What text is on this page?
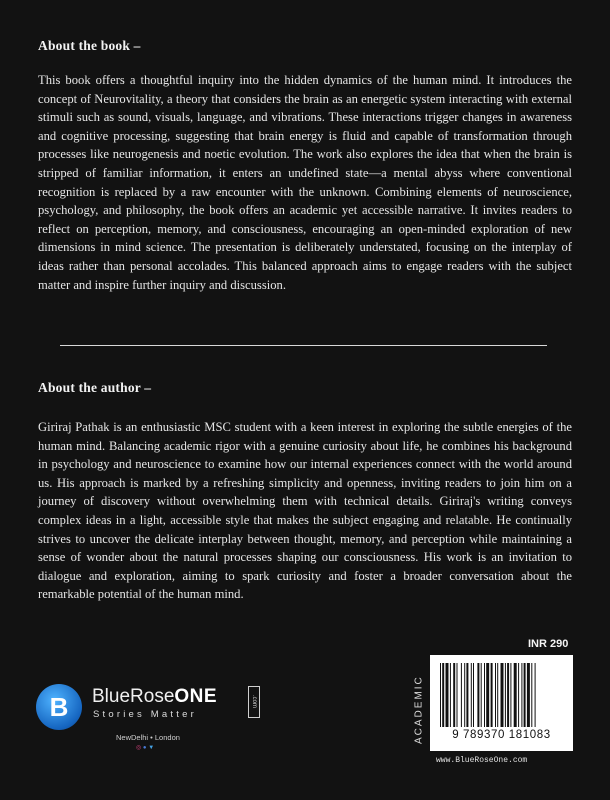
About the book –

This book offers a thoughtful inquiry into the hidden dynamics of the human mind. It introduces the concept of Neurovitality, a theory that considers the brain as an energetic system interacting with external stimuli such as sound, visuals, language, and vibrations. These interactions trigger changes in awareness and cognitive processing, suggesting that brain energy is fluid and capable of transformation through processes like neurogenesis and noetic evolution. The work also explores the idea that when the brain is stripped of familiar information, it enters an undefined state—a mental abyss where conventional recognition is replaced by a raw encounter with the unknown. Combining elements of neuroscience, psychology, and philosophy, the book offers an academic yet accessible narrative. It invites readers to reflect on perception, memory, and consciousness, encouraging an open-minded exploration of new dimensions in mind science. The presentation is deliberately understated, focusing on the interplay of ideas rather than personal accolades. This balanced approach aims to engage readers with the subject matter and inspire further inquiry and discussion.

About the author –

Giriraj Pathak is an enthusiastic MSC student with a keen interest in exploring the subtle energies of the human mind. Balancing academic rigor with a genuine curiosity about life, he combines his background in psychology and neuroscience to examine how our internal experiences connect with the world around us. His approach is marked by a refreshing simplicity and openness, inviting readers to join him on a journey of discovery without overwhelming them with technical details. Giriraj's writing conveys complex ideas in a light, accessible style that makes the subject engaging and relatable. He continually strives to uncover the delicate interplay between thought, memory, and perception while maintaining a sense of wonder about the natural processes shaping our consciousness. His work is an invitation to dialogue and exploration, aiming to spark curiosity and foster a broader conversation about the remarkable potential of the human mind.

B BlueRoseONE	.com
Stories Matter
NewDelhi • London
◎ ● ▼
INR 290
ACADEMIC	9 789370 181083
www.BlueRoseOne.com
